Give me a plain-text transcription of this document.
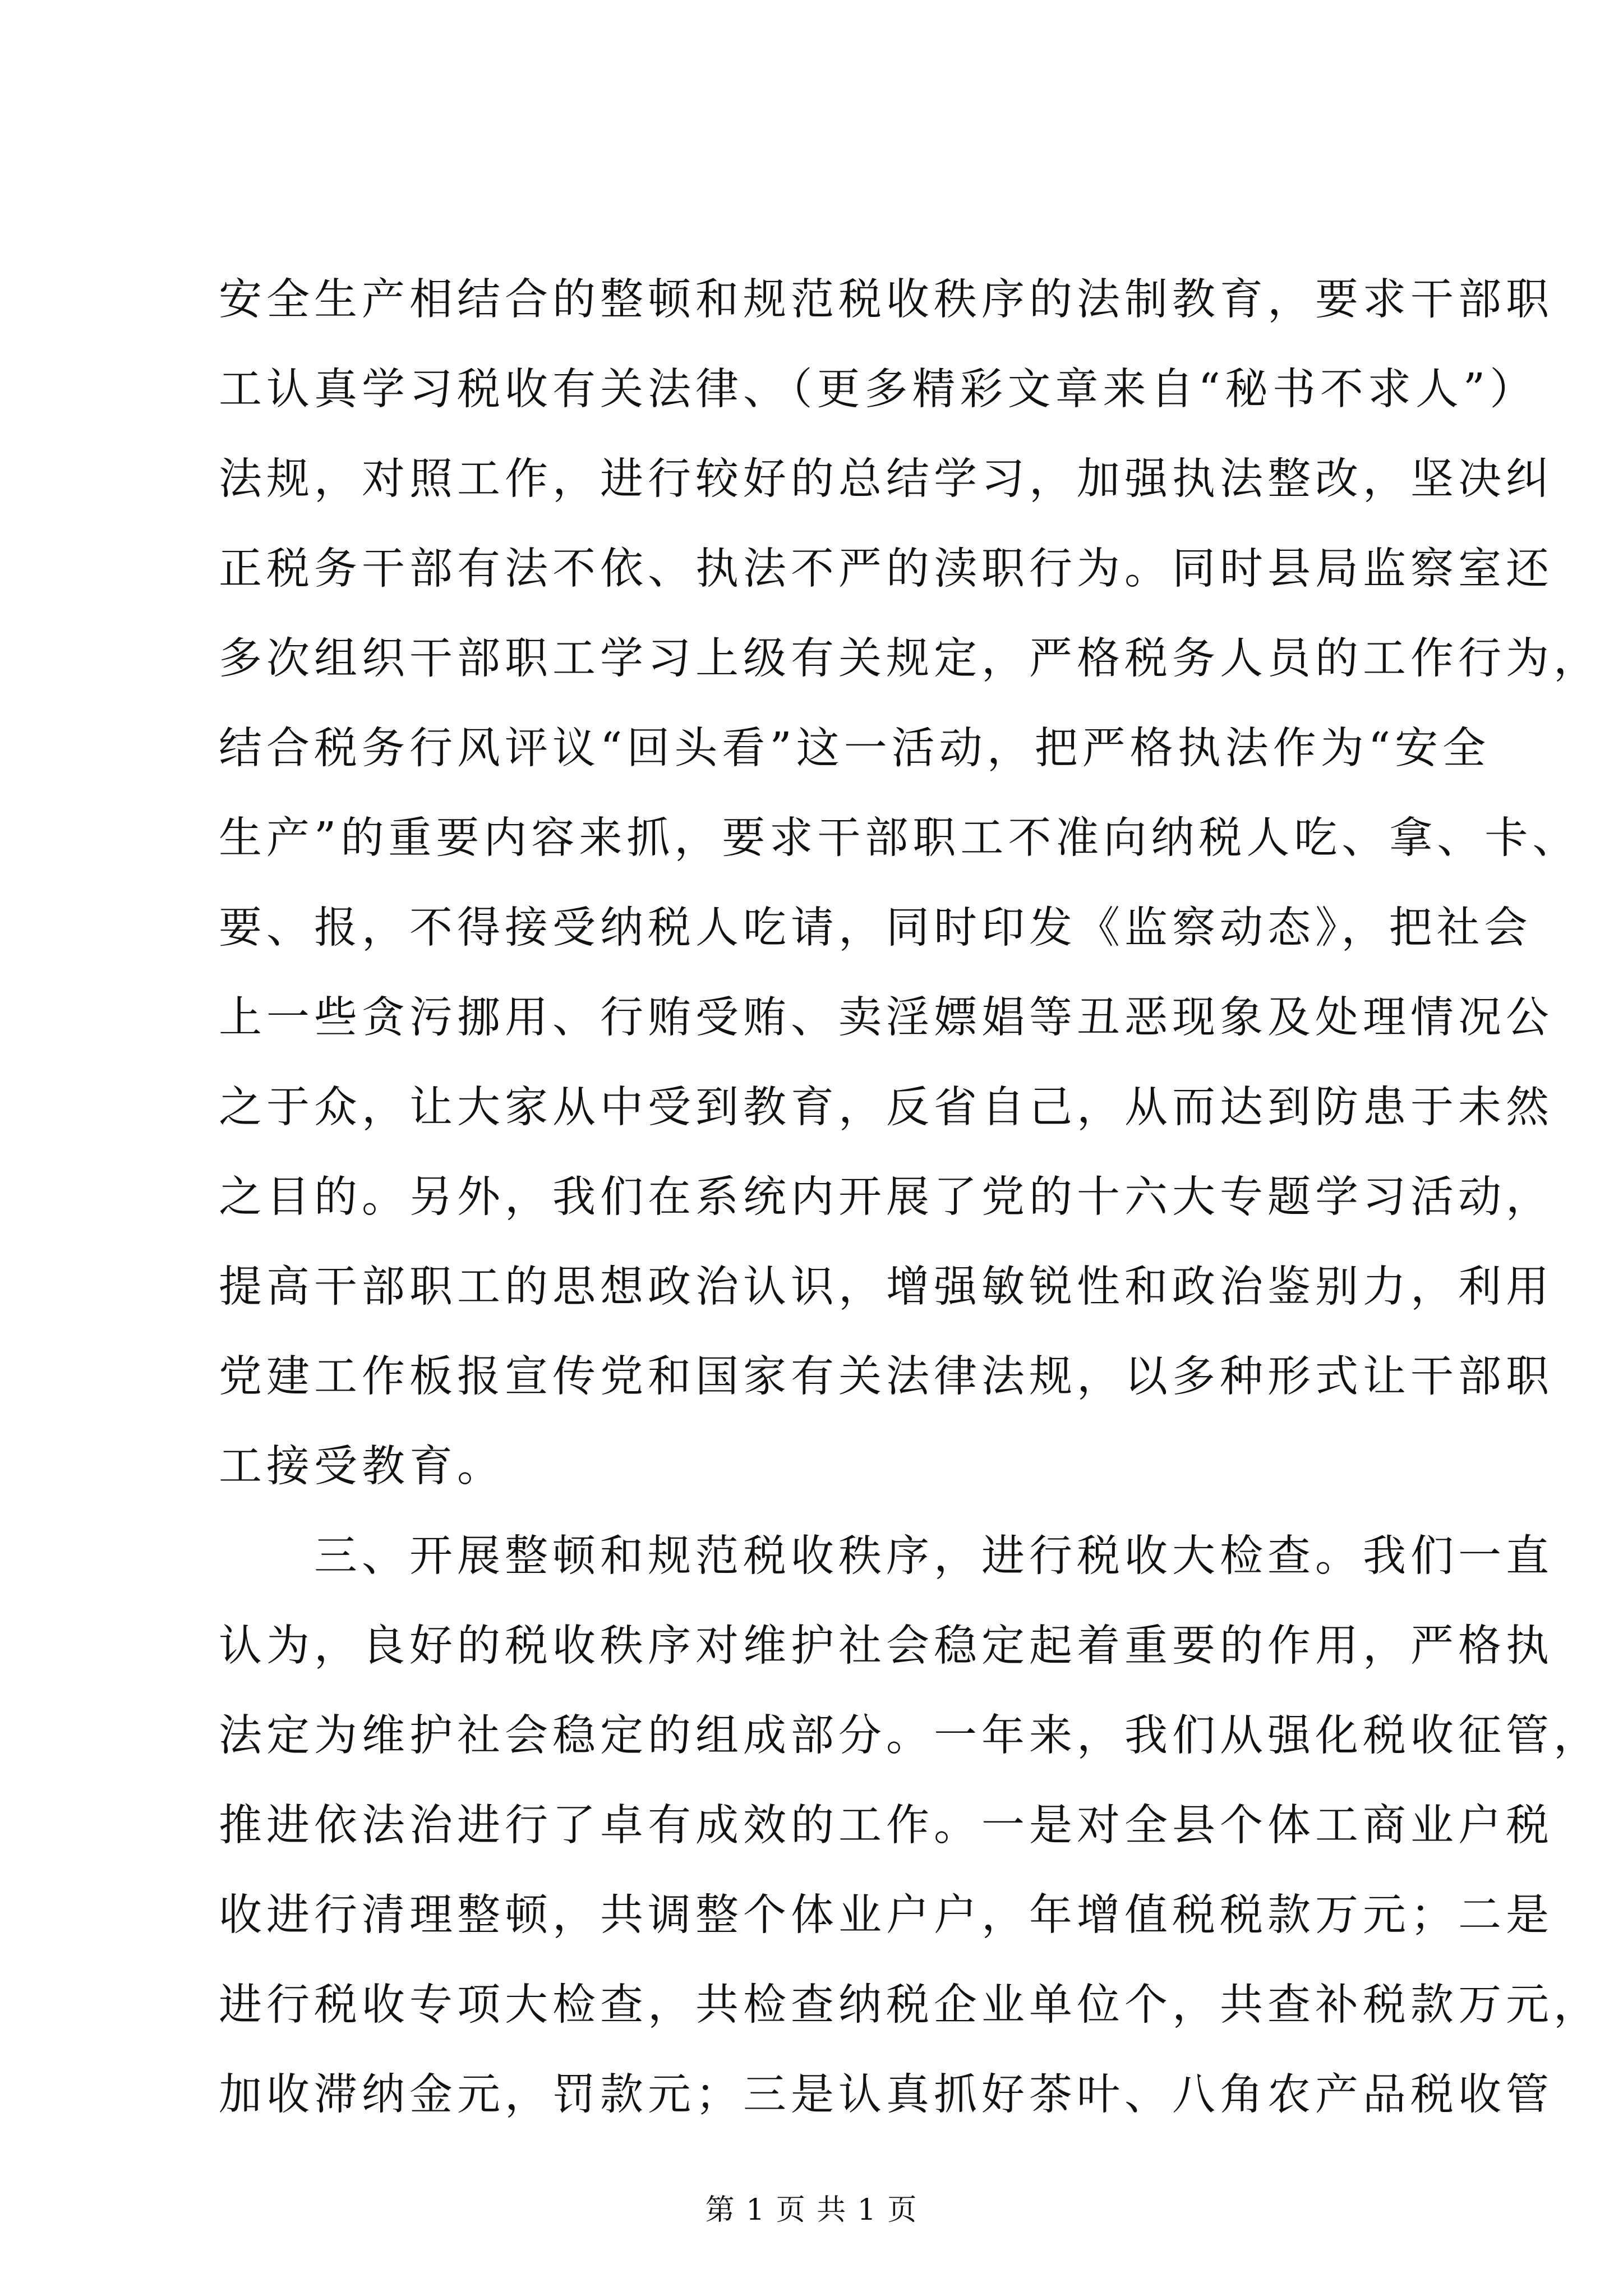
安全生产相结合的整顿和规范税收秩序的法制教育，要求干部职
工认真学习税收有关法律、（更多精彩文章来自“秘书不求人”）
法规，对照工作，进行较好的总结学习，加强执法整改，坚决纠
正税务干部有法不依、执法不严的渎职行为。同时县局监察室还
多次组织干部职工学习上级有关规定，严格税务人员的工作行为，
结合税务行风评议“回头看”这一活动，把严格执法作为“安全
生产”的重要内容来抓，要求干部职工不准向纳税人吃、拿、卡、
要、报，不得接受纳税人吃请，同时印发《监察动态》，把社会
上一些贪污挪用、行贿受贿、卖淫嫖娼等丑恶现象及处理情况公
之于众，让大家从中受到教育，反省自己，从而达到防患于未然
之目的。另外，我们在系统内开展了党的十六大专题学习活动，
提高干部职工的思想政治认识，增强敏锐性和政治鉴别力，利用
党建工作板报宣传党和国家有关法律法规，以多种形式让干部职
工接受教育。
　　三、开展整顿和规范税收秩序，进行税收大检查。我们一直
认为，良好的税收秩序对维护社会稳定起着重要的作用，严格执
法定为维护社会稳定的组成部分。一年来，我们从强化税收征管，
推进依法治进行了卓有成效的工作。一是对全县个体工商业户税
收进行清理整顿，共调整个体业户户，年增值税税款万元；二是
进行税收专项大检查，共检查纳税企业单位个，共查补税款万元，
加收滞纳金元，罚款元；三是认真抓好茶叶、八角农产品税收管
第 1 页 共 1 页
